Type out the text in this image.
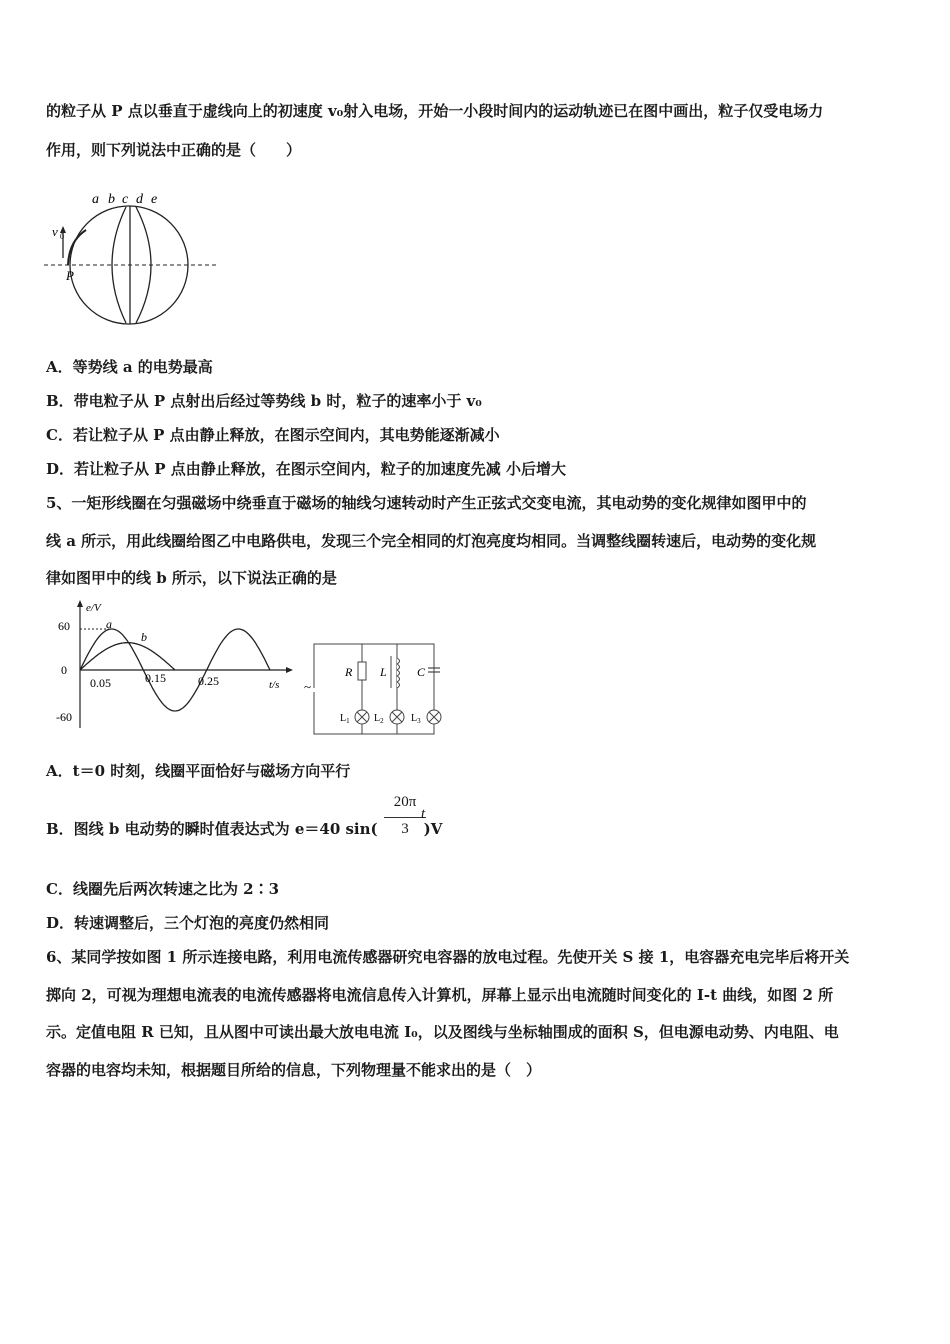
的粒子从 P 点以垂直于虚线向上的初速度 v₀射入电场，开始一小段时间内的运动轨迹已在图中画出，粒子仅受电场力
作用，则下列说法中正确的是（　　）
a b c d e
v 0
P
A．等势线 a 的电势最高
B．带电粒子从 P 点射出后经过等势线 b 时，粒子的速率小于 v₀
C．若让粒子从 P 点由静止释放，在图示空间内，其电势能逐渐减小
D．若让粒子从 P 点由静止释放，在图示空间内，粒子的加速度先减 小后增大
5、一矩形线圈在匀强磁场中绕垂直于磁场的轴线匀速转动时产生正弦式交变电流，其电动势的变化规律如图甲中的
线 a 所示，用此线圈给图乙中电路供电，发现三个完全相同的灯泡亮度均相同。当调整线圈转速后，电动势的变化规
律如图甲中的线 b 所示，以下说法正确的是
e/V
60
0
-60
0.05	0.15	0.25	t/s
a
b
~
R L	C
$L_1$ $L_2$	$L_3$
A．t＝0 时刻，线圈平面恰好与磁场方向平行
B．图线 b 电动势的瞬时值表达式为 e＝40 sin(	)V
20π
3
t
C．线圈先后两次转速之比为 2∶3
D．转速调整后，三个灯泡的亮度仍然相同
6、某同学按如图 1 所示连接电路，利用电流传感器研究电容器的放电过程。先使开关 S 接 1，电容器充电完毕后将开关
掷向 2，可视为理想电流表的电流传感器将电流信息传入计算机，屏幕上显示出电流随时间变化的 I-t 曲线，如图 2 所
示。定值电阻 R 已知，且从图中可读出最大放电电流 I₀，以及图线与坐标轴围成的面积 S，但电源电动势、内电阻、电
容器的电容均未知，根据题目所给的信息，下列物理量不能求出的是（　）
